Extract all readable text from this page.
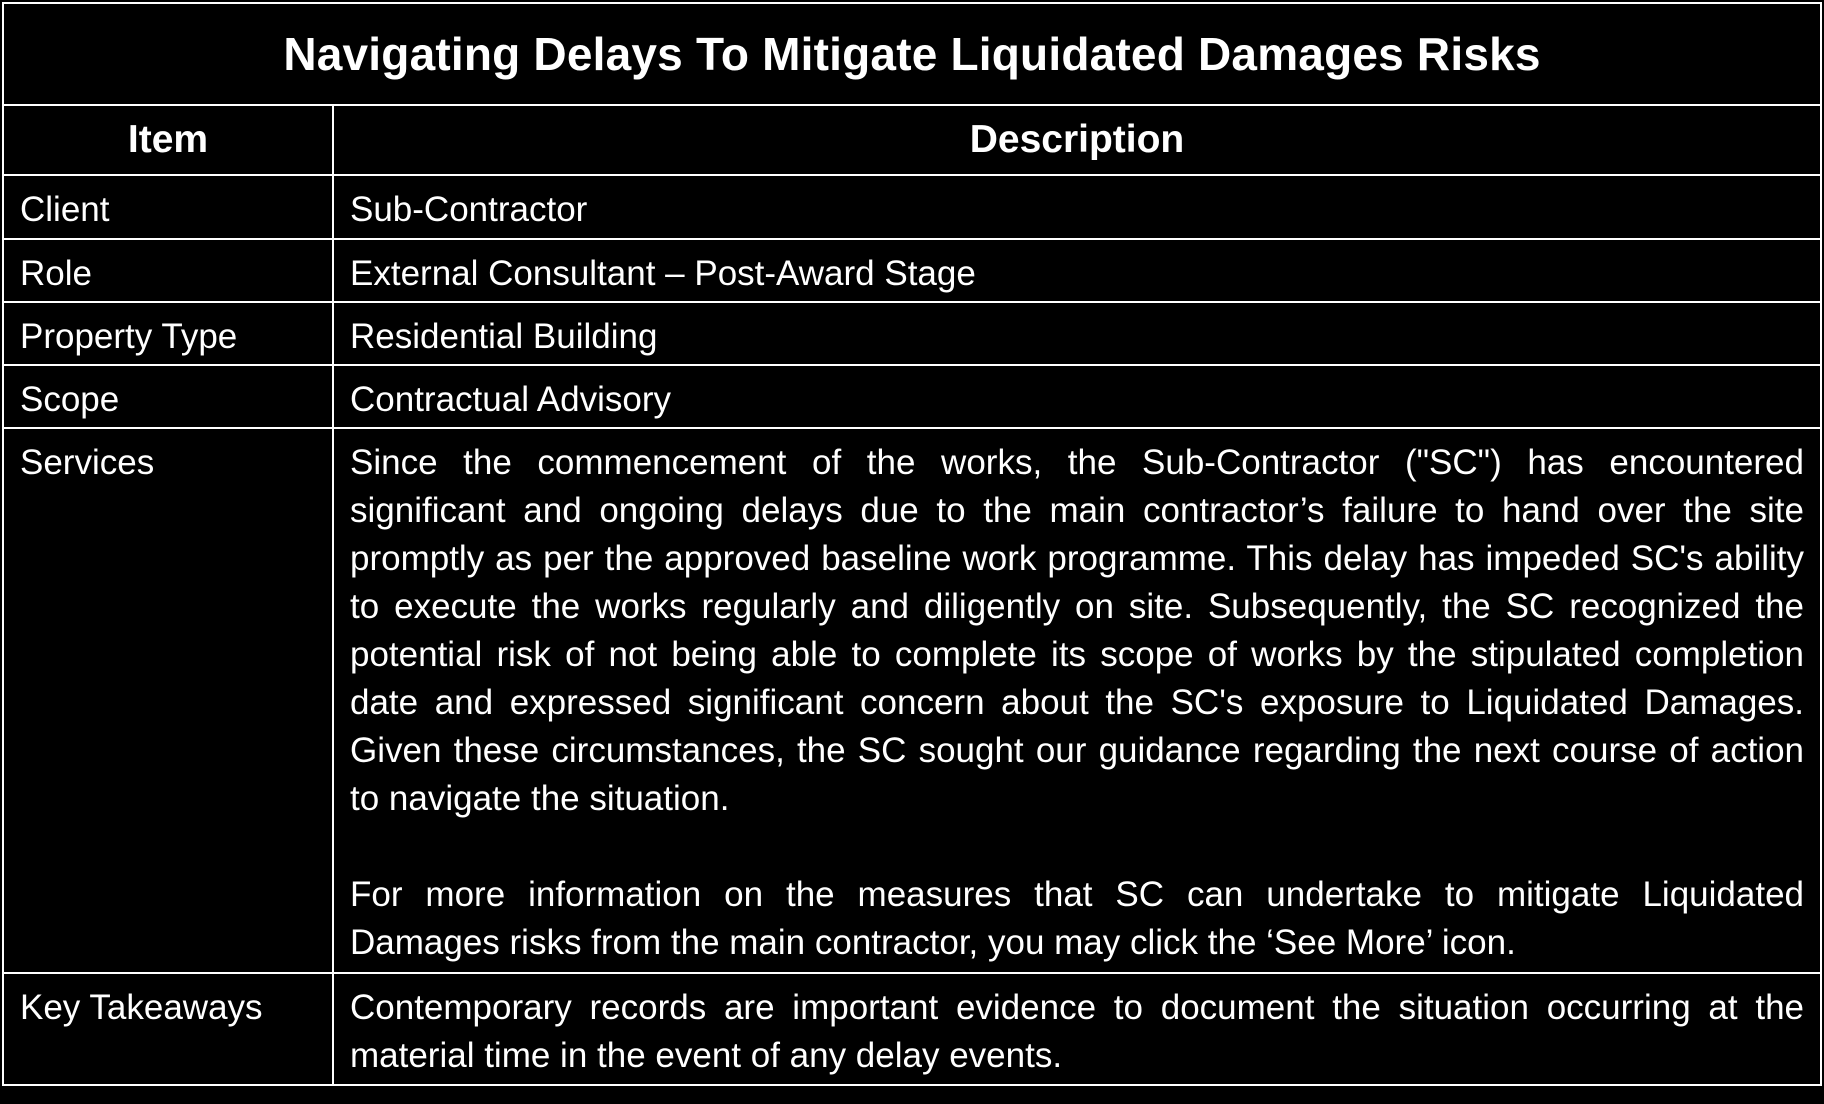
Navigating Delays To Mitigate Liquidated Damages Risks	
Item	Description
Client	Sub-Contractor
Role	External Consultant – Post-Award Stage
Property Type	Residential Building
Scope	Contractual Advisory
Services	Since the commencement of the works, the Sub-Contractor ("SC") has encountered significant and ongoing delays due to the main contractor’s failure to hand over the site promptly as per the approved baseline work programme. This delay has impeded SC's ability to execute the works regularly and diligently on site. Subsequently, the SC recognized the potential risk of not being able to complete its scope of works by the stipulated completion date and expressed significant concern about the SC's exposure to Liquidated Damages. Given these circumstances, the SC sought our guidance regarding the next course of action to navigate the situation.

For more information on the measures that SC can undertake to mitigate Liquidated Damages risks from the main contractor, you may click the ‘See More’ icon.

Key Takeaways	Contemporary records are important evidence to document the situation occurring at the material time in the event of any delay events.
